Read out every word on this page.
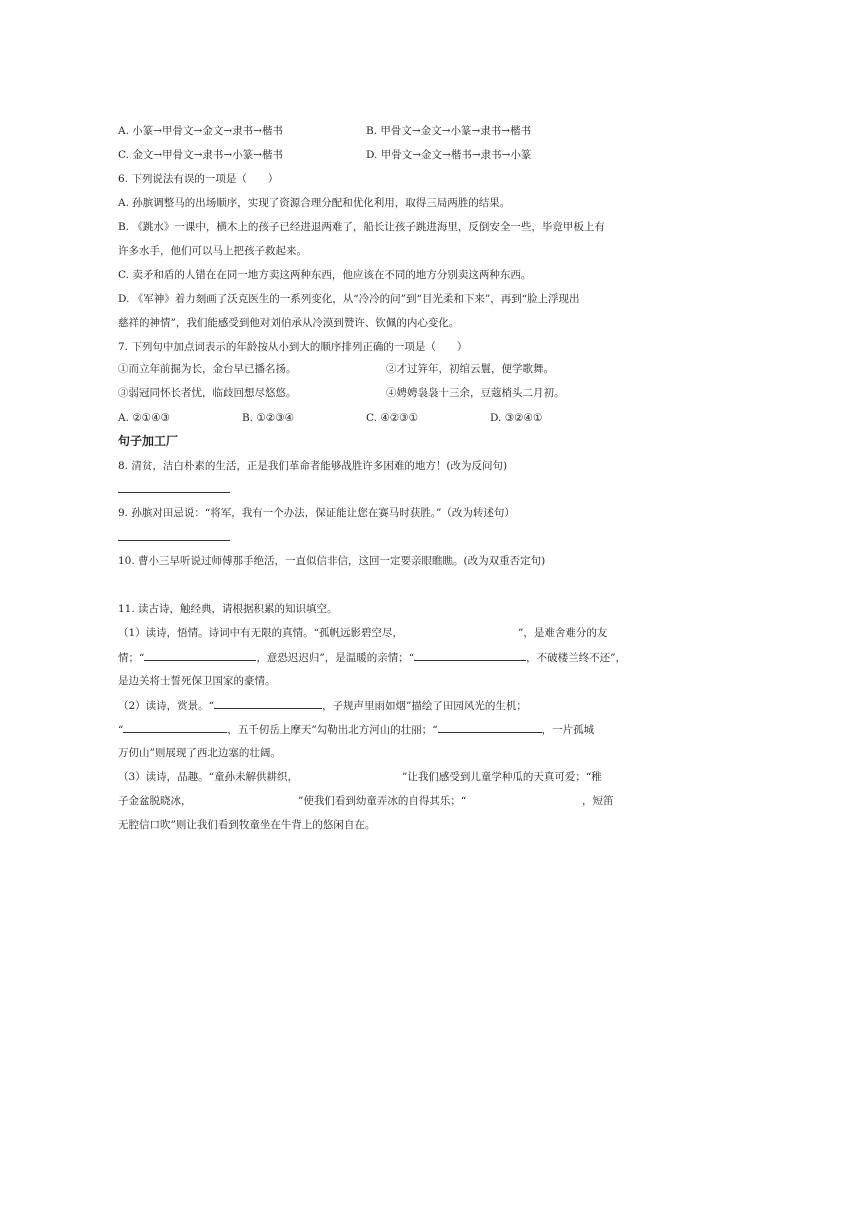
A. 小篆→甲骨文→金文→隶书→楷书	B. 甲骨文→金文→小篆→隶书→楷书
C. 金文→甲骨文→隶书→小篆→楷书	D. 甲骨文→金文→楷书→隶书→小篆
6. 下列说法有误的一项是（　　）
A. 孙膑调整马的出场顺序，实现了资源合理分配和优化利用，取得三局两胜的结果。
B. 《跳水》一课中，横木上的孩子已经进退两难了，船长让孩子跳进海里，反倒安全一些，毕竟甲板上有
许多水手，他们可以马上把孩子救起来。
C. 卖矛和盾的人错在在同一地方卖这两种东西，他应该在不同的地方分别卖这两种东西。
D. 《军神》着力刻画了沃克医生的一系列变化，从“冷冷的问”到“目光柔和下来”，再到“脸上浮现出
慈祥的神情”，我们能感受到他对刘伯承从冷漠到赞许、钦佩的内心变化。
7. 下列句中加点词表示的年龄按从小到大的顺序排列正确的一项是（　　）
①而立年前掘为长，金台早已播名扬。	②才过笄年，初绾云鬟，便学歌舞。
③弱冠同怀长者忧，临歧回想尽悠悠。	④娉娉袅袅十三余，豆蔻梢头二月初。
A. ②①④③	B. ①②③④	C. ④②③①	D. ③②④①
句子加工厂
8. 清贫，洁白朴素的生活，正是我们革命者能够战胜许多困难的地方！(改为反问句)
9. 孙膑对田忌说：“将军，我有一个办法，保证能让您在赛马时获胜。”（改为转述句）
10. 曹小三早听说过师傅那手绝活，一直似信非信，这回一定要亲眼瞧瞧。(改为双重否定句)
11. 读古诗，触经典，请根据积累的知识填空。
（1）读诗，悟情。诗词中有无限的真情。“孤帆远影碧空尽，	”，是难舍难分的友
情；“	，意恐迟迟归”，是温暖的亲情；“	，不破楼兰终不还”，
是边关将士誓死保卫国家的豪情。
（2）读诗，赏景。“	，子规声里雨如烟”描绘了田园风光的生机；
“	，五千仞岳上摩天”勾勒出北方河山的壮丽；“	，一片孤城
万仞山”则展现了西北边塞的壮阔。
（3）读诗，品趣。“童孙未解供耕织，	”让我们感受到儿童学种瓜的天真可爱；“稚
子金盆脱晓冰，	”使我们看到幼童弄冰的自得其乐；“	，短笛
无腔信口吹”则让我们看到牧童坐在牛背上的悠闲自在。
